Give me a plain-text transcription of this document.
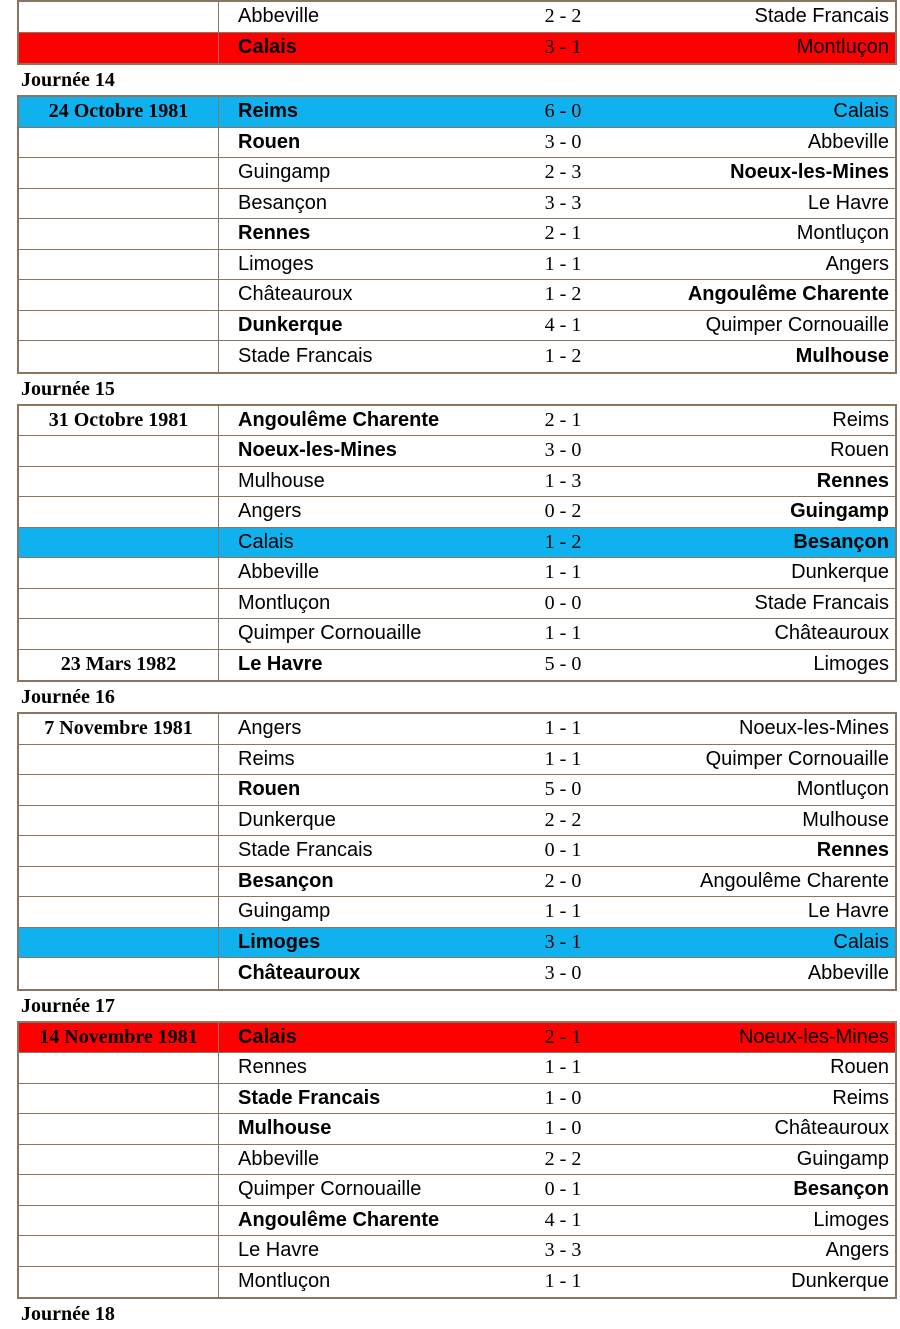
Abbeville	2 - 2	Stade Francais
Calais	3 - 1	Montluçon
Journée 14
24 Octobre 1981	Reims	6 - 0	Calais
Rouen	3 - 0	Abbeville
Guingamp	2 - 3	Noeux-les-Mines
Besançon	3 - 3	Le Havre
Rennes	2 - 1	Montluçon
Limoges	1 - 1	Angers
Châteauroux	1 - 2	Angoulême Charente
Dunkerque	4 - 1	Quimper Cornouaille
Stade Francais	1 - 2	Mulhouse
Journée 15
31 Octobre 1981	Angoulême Charente	2 - 1	Reims
Noeux-les-Mines	3 - 0	Rouen
Mulhouse	1 - 3	Rennes
Angers	0 - 2	Guingamp
Calais	1 - 2	Besançon
Abbeville	1 - 1	Dunkerque
Montluçon	0 - 0	Stade Francais
Quimper Cornouaille	1 - 1	Châteauroux
23 Mars 1982	Le Havre	5 - 0	Limoges
Journée 16
7 Novembre 1981	Angers	1 - 1	Noeux-les-Mines
Reims	1 - 1	Quimper Cornouaille
Rouen	5 - 0	Montluçon
Dunkerque	2 - 2	Mulhouse
Stade Francais	0 - 1	Rennes
Besançon	2 - 0	Angoulême Charente
Guingamp	1 - 1	Le Havre
Limoges	3 - 1	Calais
Châteauroux	3 - 0	Abbeville
Journée 17
14 Novembre 1981	Calais	2 - 1	Noeux-les-Mines
Rennes	1 - 1	Rouen
Stade Francais	1 - 0	Reims
Mulhouse	1 - 0	Châteauroux
Abbeville	2 - 2	Guingamp
Quimper Cornouaille	0 - 1	Besançon
Angoulême Charente	4 - 1	Limoges
Le Havre	3 - 3	Angers
Montluçon	1 - 1	Dunkerque
Journée 18
